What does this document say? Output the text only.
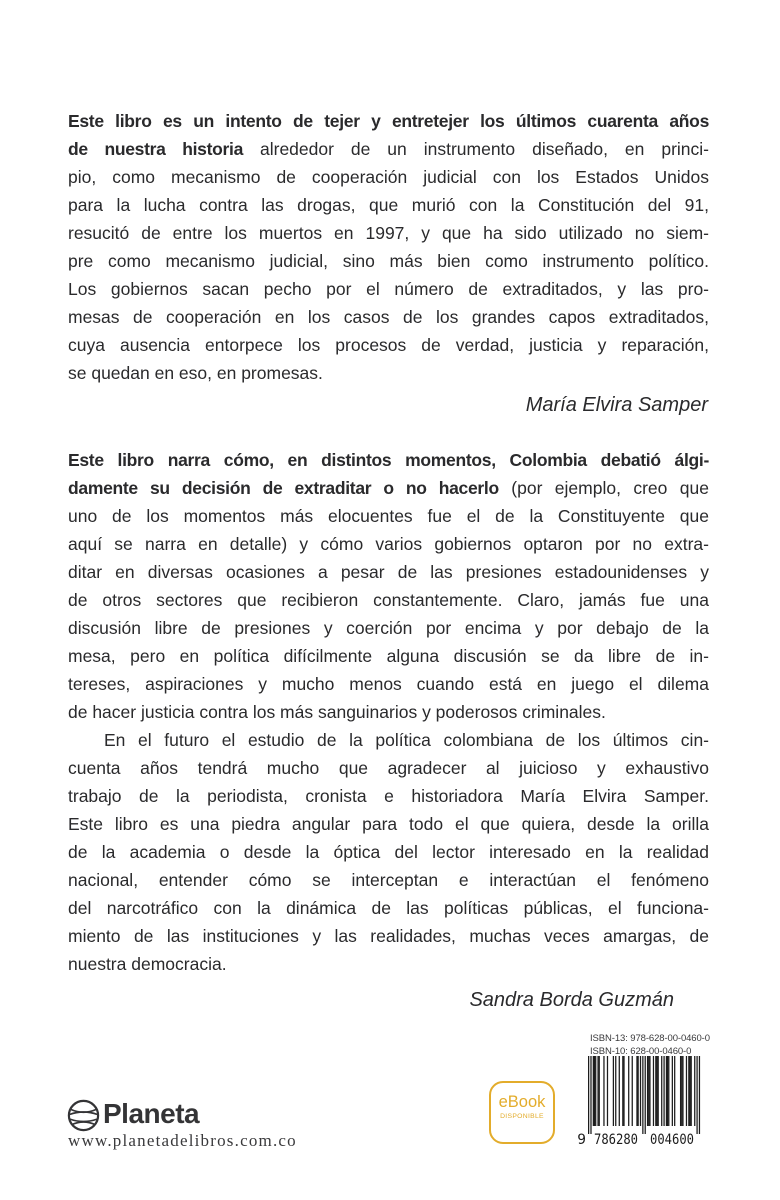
Este libro es un intento de tejer y entretejer los últimos cuarenta años
de nuestra historia alrededor de un instrumento diseñado, en princi-
pio, como mecanismo de cooperación judicial con los Estados Unidos
para la lucha contra las drogas, que murió con la Constitución del 91,
resucitó de entre los muertos en 1997, y que ha sido utilizado no siem-
pre como mecanismo judicial, sino más bien como instrumento político.
Los gobiernos sacan pecho por el número de extraditados, y las pro-
mesas de cooperación en los casos de los grandes capos extraditados,
cuya ausencia entorpece los procesos de verdad, justicia y reparación,
se quedan en eso, en promesas.
María Elvira Samper
Este libro narra cómo, en distintos momentos, Colombia debatió álgi-
damente su decisión de extraditar o no hacerlo (por ejemplo, creo que
uno de los momentos más elocuentes fue el de la Constituyente que
aquí se narra en detalle) y cómo varios gobiernos optaron por no extra-
ditar en diversas ocasiones a pesar de las presiones estadounidenses y
de otros sectores que recibieron constantemente. Claro, jamás fue una
discusión libre de presiones y coerción por encima y por debajo de la
mesa, pero en política difícilmente alguna discusión se da libre de in-
tereses, aspiraciones y mucho menos cuando está en juego el dilema
de hacer justicia contra los más sanguinarios y poderosos criminales.
En el futuro el estudio de la política colombiana de los últimos cin-
cuenta años tendrá mucho que agradecer al juicioso y exhaustivo
trabajo de la periodista, cronista e historiadora María Elvira Samper.
Este libro es una piedra angular para todo el que quiera, desde la orilla
de la academia o desde la óptica del lector interesado en la realidad
nacional, entender cómo se interceptan e interactúan el fenómeno
del narcotráfico con la dinámica de las políticas públicas, el funciona-
miento de las instituciones y las realidades, muchas veces amargas, de
nuestra democracia.
Sandra Borda Guzmán
Planeta
www.planetadelibros.com.co
eBook
DISPONIBLE
ISBN-13: 978-628-00-0460-0
ISBN-10: 628-00-0460-0
9 786280 004600
